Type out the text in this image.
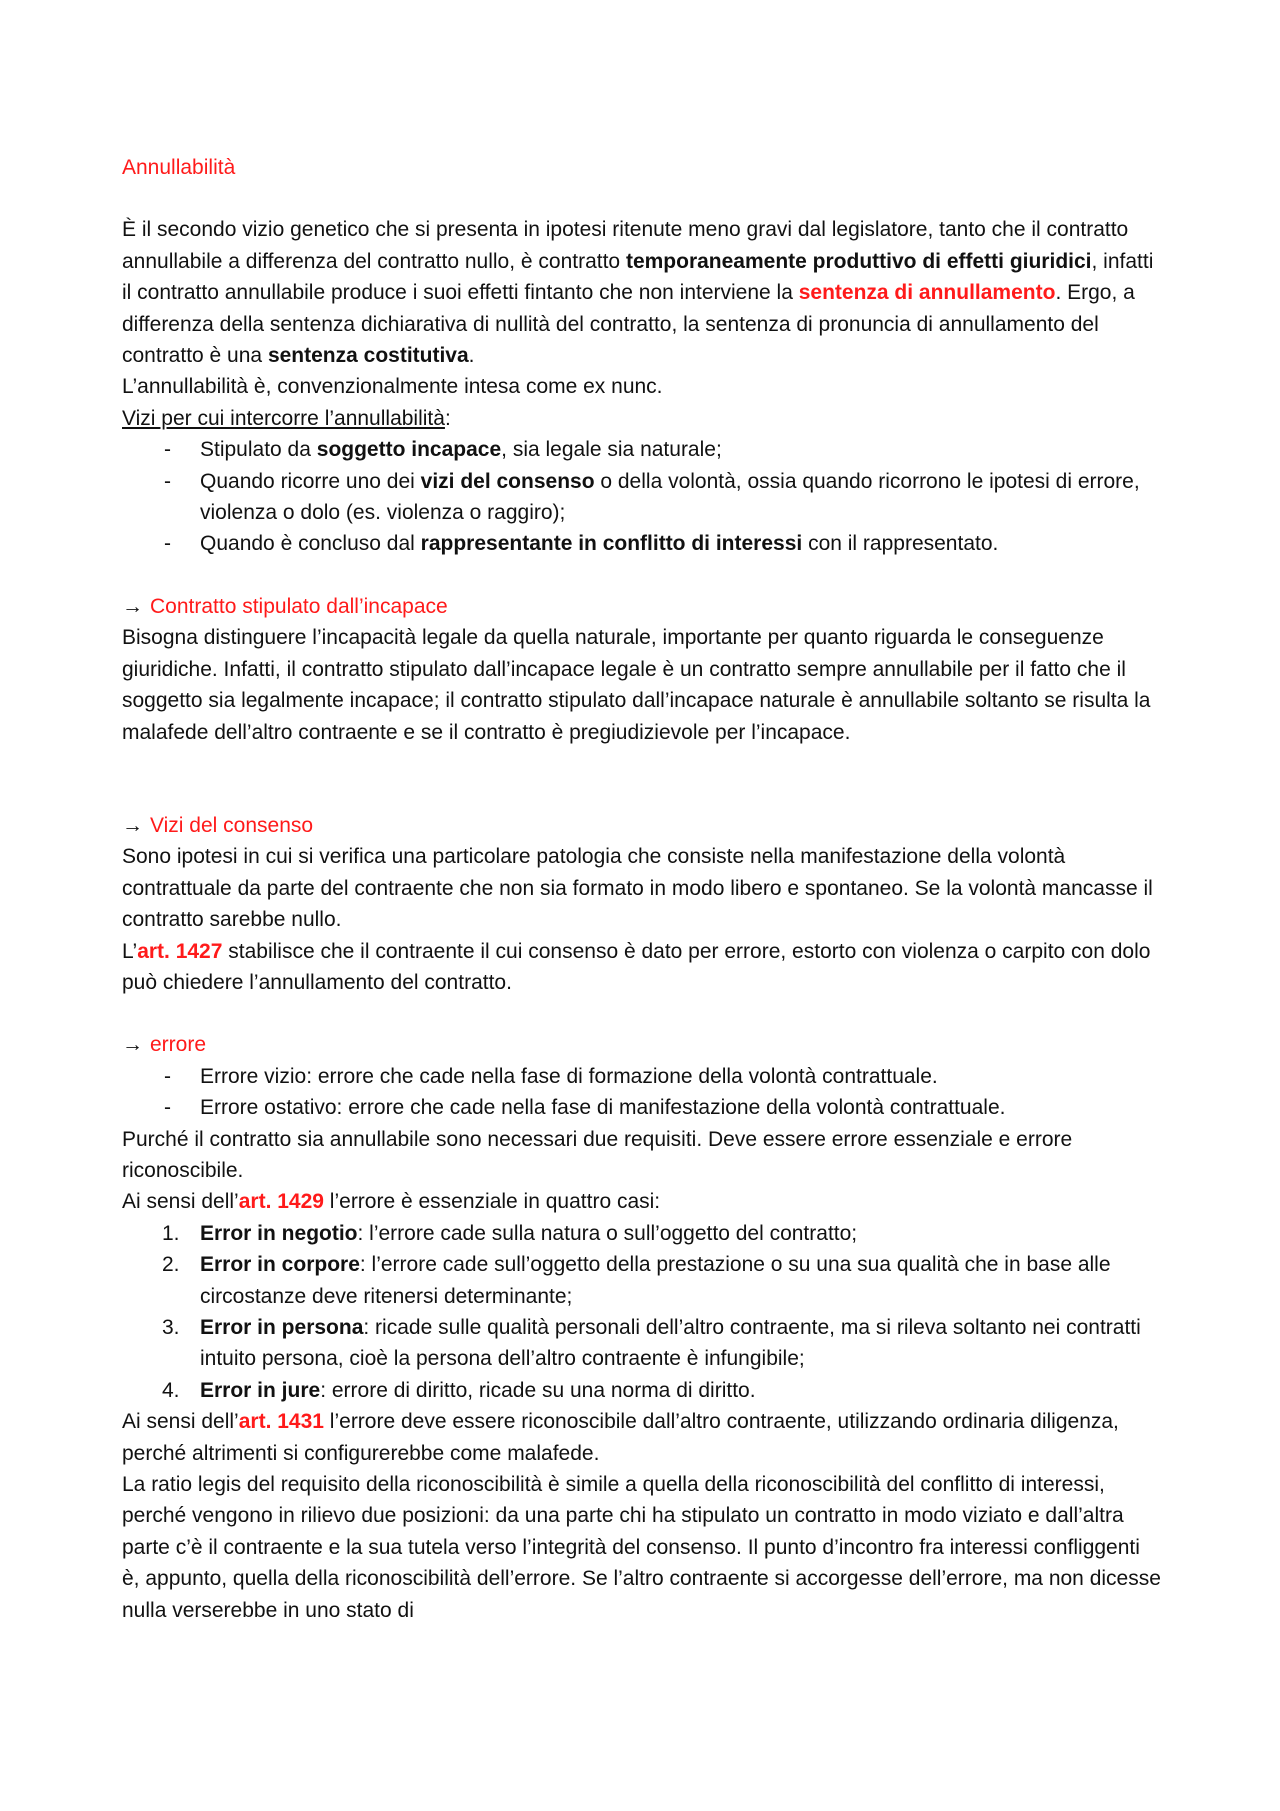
Annullabilità

È il secondo vizio genetico che si presenta in ipotesi ritenute meno gravi dal legislatore, tanto che il contratto annullabile a differenza del contratto nullo, è contratto temporaneamente produttivo di effetti giuridici, infatti il contratto annullabile produce i suoi effetti fintanto che non interviene la sentenza di annullamento. Ergo, a differenza della sentenza dichiarativa di nullità del contratto, la sentenza di pronuncia di annullamento del contratto è una sentenza costitutiva.

L’annullabilità è, convenzionalmente intesa come ex nunc.

Vizi per cui intercorre l’annullabilità:

- Stipulato da soggetto incapace, sia legale sia naturale;
- Quando ricorre uno dei vizi del consenso o della volontà, ossia quando ricorrono le ipotesi di errore, violenza o dolo (es. violenza o raggiro);
- Quando è concluso dal rappresentante in conflitto di interessi con il rappresentato.

→ Contratto stipulato dall’incapace

Bisogna distinguere l’incapacità legale da quella naturale, importante per quanto riguarda le conseguenze giuridiche. Infatti, il contratto stipulato dall’incapace legale è un contratto sempre annullabile per il fatto che il soggetto sia legalmente incapace; il contratto stipulato dall’incapace naturale è annullabile soltanto se risulta la malafede dell’altro contraente e se il contratto è pregiudizievole per l’incapace.

→ Vizi del consenso

Sono ipotesi in cui si verifica una particolare patologia che consiste nella manifestazione della volontà contrattuale da parte del contraente che non sia formato in modo libero e spontaneo. Se la volontà mancasse il contratto sarebbe nullo.

L’art. 1427 stabilisce che il contraente il cui consenso è dato per errore, estorto con violenza o carpito con dolo può chiedere l’annullamento del contratto.

→ errore

- Errore vizio: errore che cade nella fase di formazione della volontà contrattuale.
- Errore ostativo: errore che cade nella fase di manifestazione della volontà contrattuale.

Purché il contratto sia annullabile sono necessari due requisiti. Deve essere errore essenziale e errore riconoscibile.

Ai sensi dell’art. 1429 l’errore è essenziale in quattro casi:

1. Error in negotio: l’errore cade sulla natura o sull’oggetto del contratto;
2. Error in corpore: l’errore cade sull’oggetto della prestazione o su una sua qualità che in base alle circostanze deve ritenersi determinante;
3. Error in persona: ricade sulle qualità personali dell’altro contraente, ma si rileva soltanto nei contratti intuito persona, cioè la persona dell’altro contraente è infungibile;
4. Error in jure: errore di diritto, ricade su una norma di diritto.

Ai sensi dell’art. 1431 l’errore deve essere riconoscibile dall’altro contraente, utilizzando ordinaria diligenza, perché altrimenti si configurerebbe come malafede.

La ratio legis del requisito della riconoscibilità è simile a quella della riconoscibilità del conflitto di interessi, perché vengono in rilievo due posizioni: da una parte chi ha stipulato un contratto in modo viziato e dall’altra parte c’è il contraente e la sua tutela verso l’integrità del consenso. Il punto d’incontro fra interessi confliggenti è, appunto, quella della riconoscibilità dell’errore. Se l’altro contraente si accorgesse dell’errore, ma non dicesse nulla verserebbe in uno stato di
